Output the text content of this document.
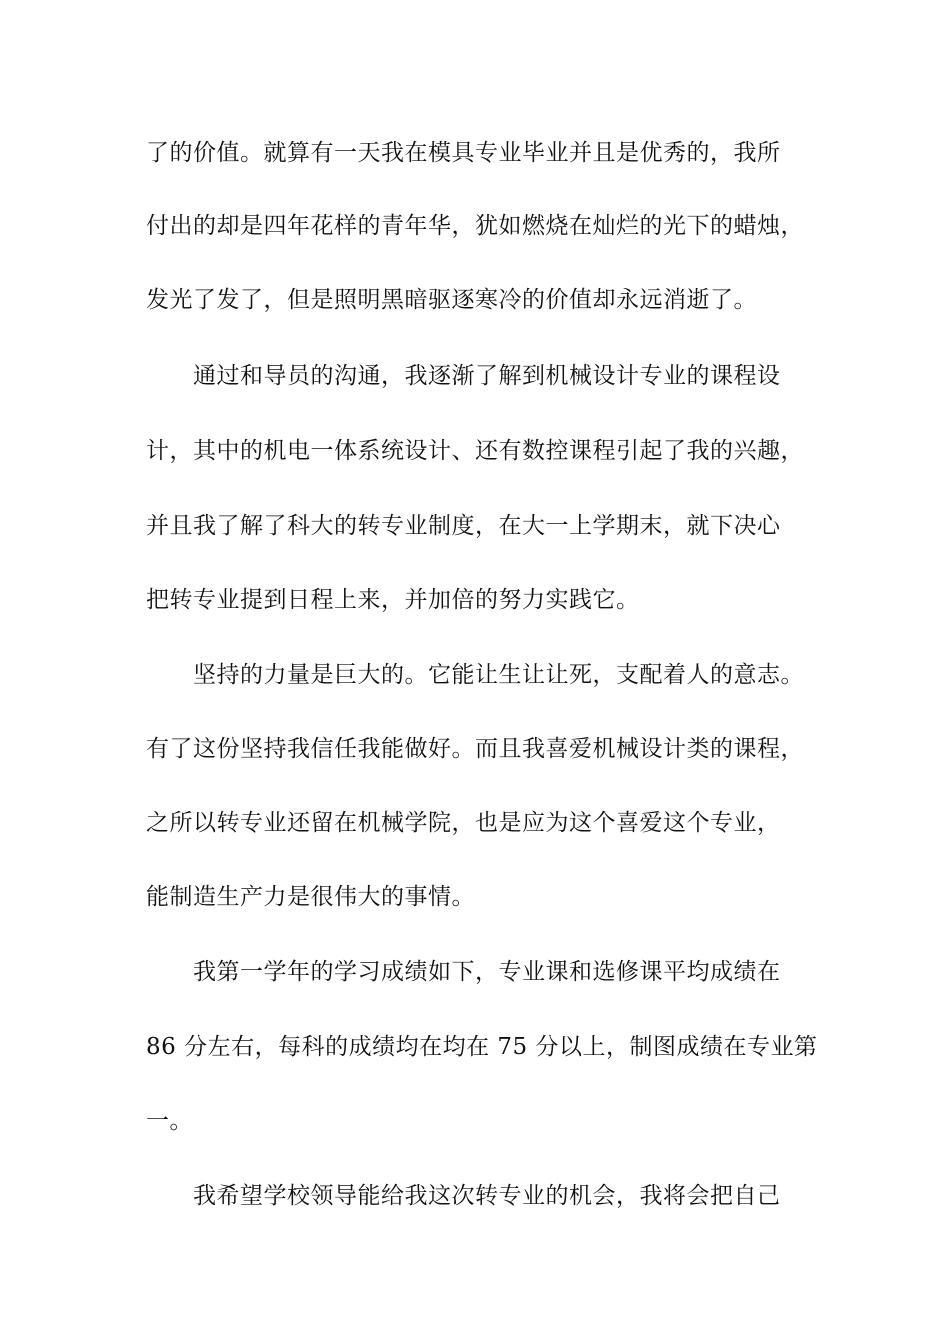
了的价值。就算有一天我在模具专业毕业并且是优秀的，我所
付出的却是四年花样的青年华，犹如燃烧在灿烂的光下的蜡烛，
发光了发了，但是照明黑暗驱逐寒冷的价值却永远消逝了。
通过和导员的沟通，我逐渐了解到机械设计专业的课程设
计，其中的机电一体系统设计、还有数控课程引起了我的兴趣，
并且我了解了科大的转专业制度，在大一上学期末，就下决心
把转专业提到日程上来，并加倍的努力实践它。
坚持的力量是巨大的。它能让生让让死，支配着人的意志。
有了这份坚持我信任我能做好。而且我喜爱机械设计类的课程，
之所以转专业还留在机械学院，也是应为这个喜爱这个专业，
能制造生产力是很伟大的事情。
我第一学年的学习成绩如下，专业课和选修课平均成绩在
86 分左右，每科的成绩均在均在 75 分以上，制图成绩在专业第
一。
我希望学校领导能给我这次转专业的机会，我将会把自己
